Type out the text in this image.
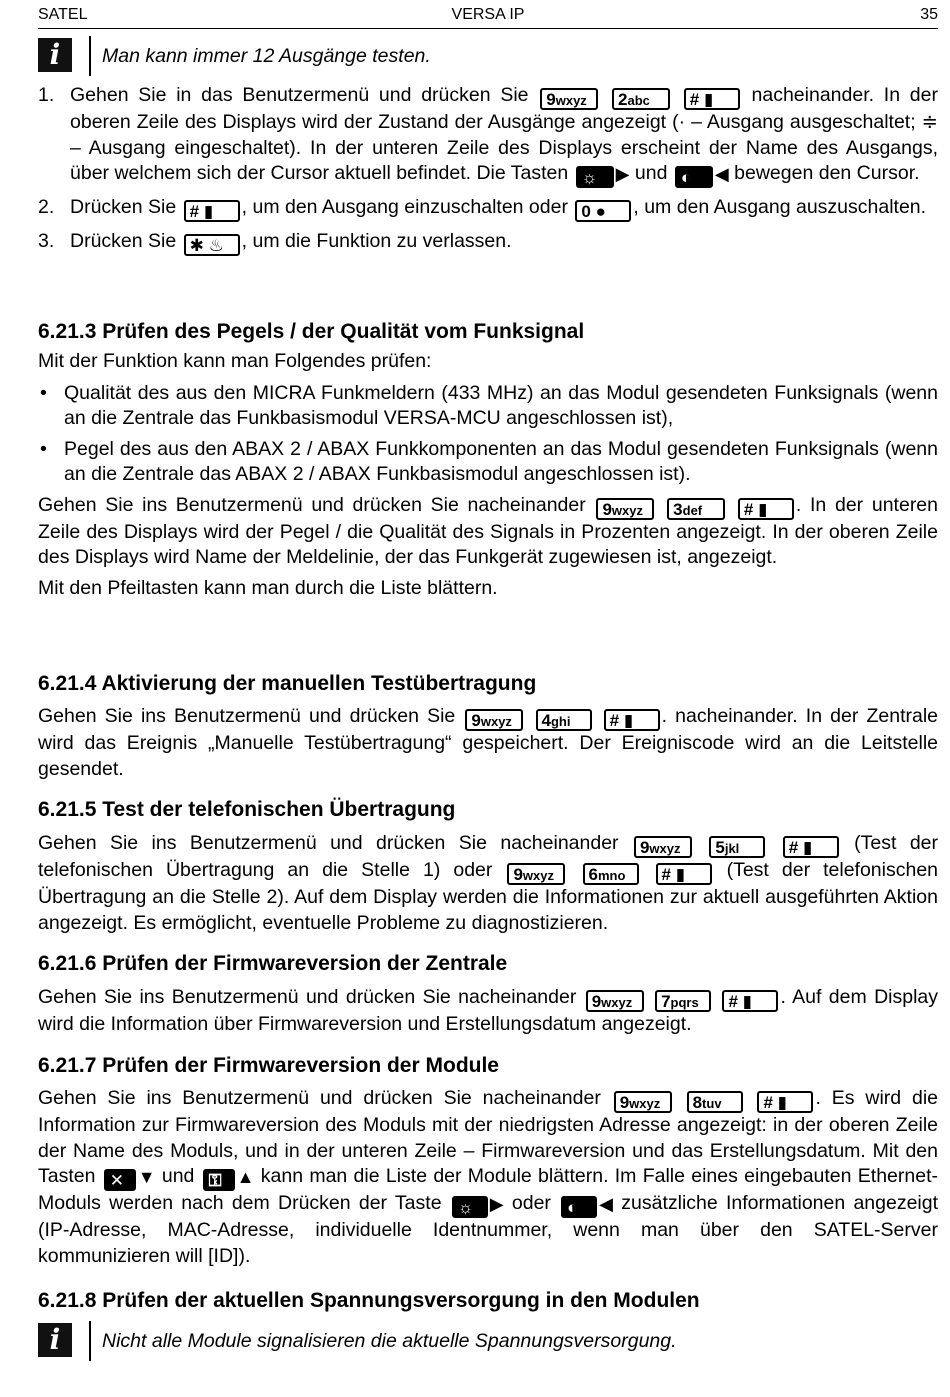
SATEL	VERSA IP	35
i	Man kann immer 12 Ausgänge testen.
1. Gehen Sie in das Benutzermenü und drücken Sie 9wxyz 2abc # ▮ nacheinander. In der oberen Zeile des Displays wird der Zustand der Ausgänge angezeigt (· – Ausgang ausgeschaltet; ≑ – Ausgang eingeschaltet). In der unteren Zeile des Displays erscheint der Name des Ausgangs, über welchem sich der Cursor aktuell befindet. Die Tasten ☼ ▶ und ◐ ◀ bewegen den Cursor.
2. Drücken Sie # ▮ , um den Ausgang einzuschalten oder 0 ● , um den Ausgang auszuschalten.
3. Drücken Sie ✱ ♨ , um die Funktion zu verlassen.
6.21.3 Prüfen des Pegels / der Qualität vom Funksignal

Mit der Funktion kann man Folgendes prüfen:

• Qualität des aus den MICRA Funkmeldern (433 MHz) an das Modul gesendeten Funksignals (wenn an die Zentrale das Funkbasismodul VERSA-MCU angeschlossen ist),
• Pegel des aus den ABAX 2 / ABAX Funkkomponenten an das Modul gesendeten Funksignals (wenn an die Zentrale das ABAX 2 / ABAX Funkbasismodul angeschlossen ist).

Gehen Sie ins Benutzermenü und drücken Sie nacheinander 9wxyz 3def # ▮ . In der unteren Zeile des Displays wird der Pegel / die Qualität des Signals in Prozenten angezeigt. In der oberen Zeile des Displays wird Name der Meldelinie, der das Funkgerät zugewiesen ist, angezeigt.

Mit den Pfeiltasten kann man durch die Liste blättern.

6.21.4 Aktivierung der manuellen Testübertragung

Gehen Sie ins Benutzermenü und drücken Sie 9wxyz 4ghi # ▮ . nacheinander. In der Zentrale wird das Ereignis „Manuelle Testübertragung“ gespeichert. Der Ereigniscode wird an die Leitstelle gesendet.

6.21.5 Test der telefonischen Übertragung

Gehen Sie ins Benutzermenü und drücken Sie nacheinander 9wxyz 5jkl	# ▮ (Test der telefonischen Übertragung an die Stelle 1) oder 9wxyz 6mno # ▮ (Test der telefonischen Übertragung an die Stelle 2). Auf dem Display werden die Informationen zur aktuell ausgeführten Aktion angezeigt. Es ermöglicht, eventuelle Probleme zu diagnostizieren.

6.21.6 Prüfen der Firmwareversion der Zentrale

Gehen Sie ins Benutzermenü und drücken Sie nacheinander 9wxyz 7pqrs # ▮ . Auf dem Display wird die Information über Firmwareversion und Erstellungsdatum angezeigt.

6.21.7 Prüfen der Firmwareversion der Module

Gehen Sie ins Benutzermenü und drücken Sie nacheinander 9wxyz 8tuv # ▮ . Es wird die Information zur Firmwareversion des Moduls mit der niedrigsten Adresse angezeigt: in der oberen Zeile der Name des Moduls, und in der unteren Zeile – Firmwareversion und das Erstellungsdatum. Mit den Tasten ✕ ▼ und ⚿ ▲ kann man die Liste der Module blättern. Im Falle eines eingebauten Ethernet-Moduls werden nach dem Drücken der Taste ☼ ▶ oder ◐ ◀ zusätzliche Informationen angezeigt (IP-Adresse, MAC-Adresse, individuelle Identnummer, wenn man über den SATEL-Server kommunizieren will [ID]).

6.21.8 Prüfen der aktuellen Spannungsversorgung in den Modulen
i	Nicht alle Module signalisieren die aktuelle Spannungsversorgung.
